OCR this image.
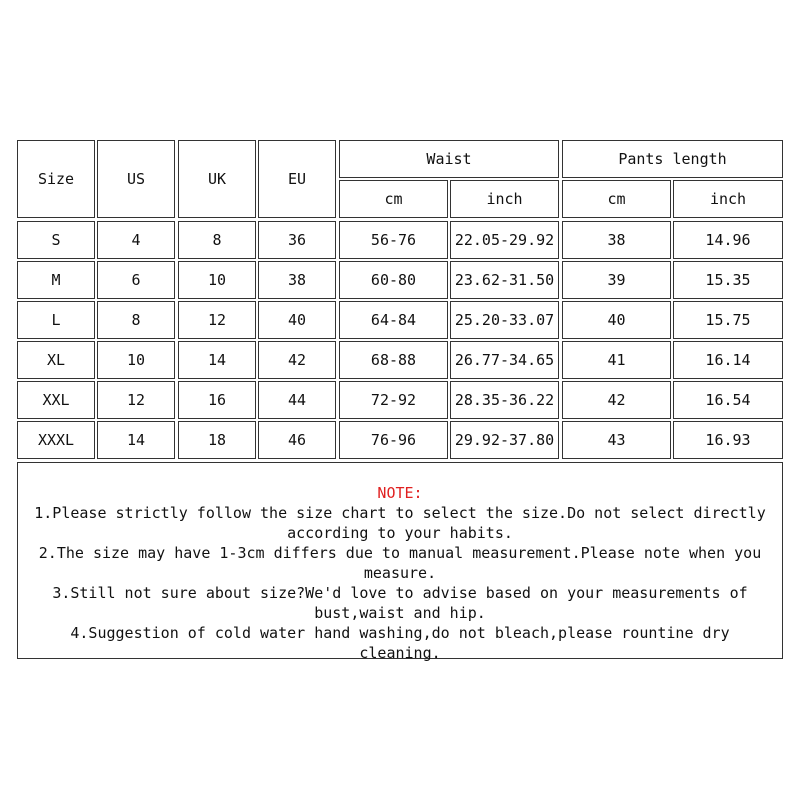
Size	US	UK	EU
Waist	Pants length
cm	inch	cm	inch
S	4	8	36	56-76	22.05-29.92	38	14.96
M	6	10	38	60-80	23.62-31.50	39	15.35
L	8	12	40	64-84	25.20-33.07	40	15.75
XL	10	14	42	68-88	26.77-34.65	41	16.14
XXL	12	16	44	72-92	28.35-36.22	42	16.54
XXXL	14	18	46	76-96	29.92-37.80	43	16.93
NOTE:
1.Please strictly follow the size chart to select the size.Do not select directly
according to your habits.
2.The size may have 1-3cm differs due to manual measurement.Please note when you
measure.
3.Still not sure about size?We'd love to advise based on your measurements of
bust,waist and hip.
4.Suggestion of cold water hand washing,do not bleach,please rountine dry cleaning.
